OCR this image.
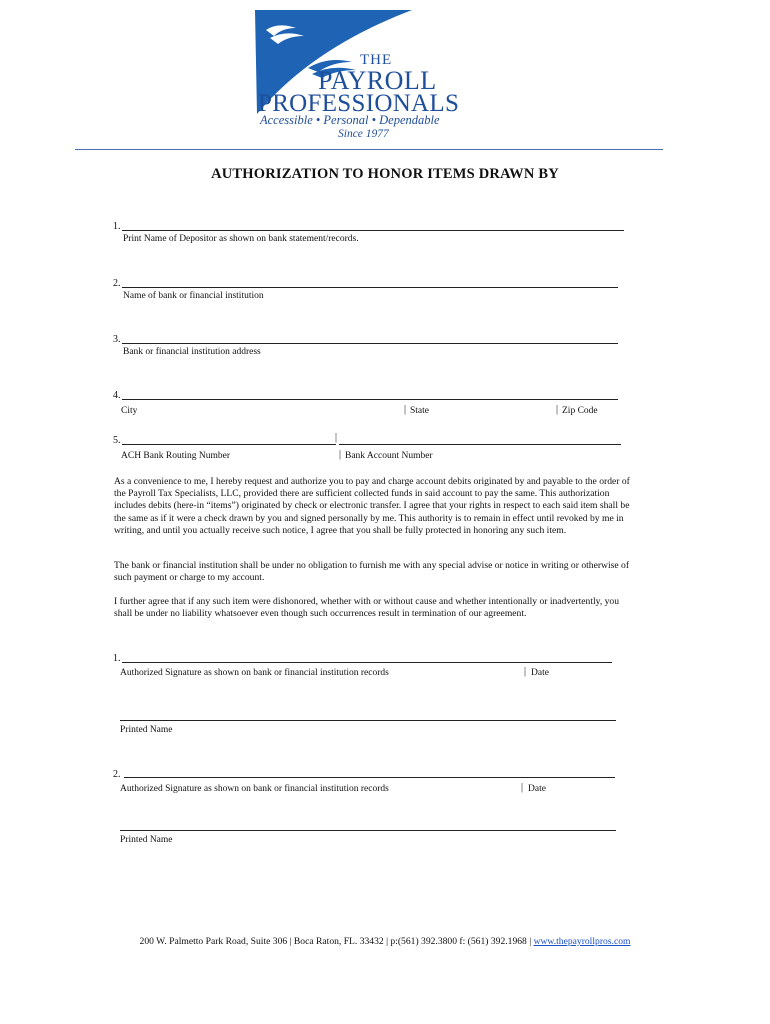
THE
PAYROLL
PROFESSIONALS
Accessible • Personal • Dependable
Since 1977
AUTHORIZATION TO HONOR ITEMS DRAWN BY
1.
Print Name of Depositor as shown on bank statement/records.
2.
Name of bank or financial institution
3.
Bank or financial institution address
4.
City	| State	| Zip Code
5.	|
ACH Bank Routing Number	| Bank Account Number
As a convenience to me, I hereby request and authorize you to pay and charge account debits originated by and payable to the order of the Payroll Tax Specialists, LLC, provided there are sufficient collected funds in said account to pay the same. This authorization includes debits (here-in “items”) originated by check or electronic transfer. I agree that your rights in respect to each said item shall be the same as if it were a check drawn by you and signed personally by me. This authority is to remain in effect until revoked by me in writing, and until you actually receive such notice, I agree that you shall be fully protected in honoring any such item.
The bank or financial institution shall be under no obligation to furnish me with any special advise or notice in writing or otherwise of such payment or charge to my account.
I further agree that if any such item were dishonored, whether with or without cause and whether intentionally or inadvertently, you shall be under no liability whatsoever even though such occurrences result in termination of our agreement.
1.
Authorized Signature as shown on bank or financial institution records	| Date
Printed Name
2.
Authorized Signature as shown on bank or financial institution records	| Date
Printed Name
200 W. Palmetto Park Road, Suite 306 | Boca Raton, FL. 33432 | p:(561) 392.3800 f: (561) 392.1968 | www.thepayrollpros.com
